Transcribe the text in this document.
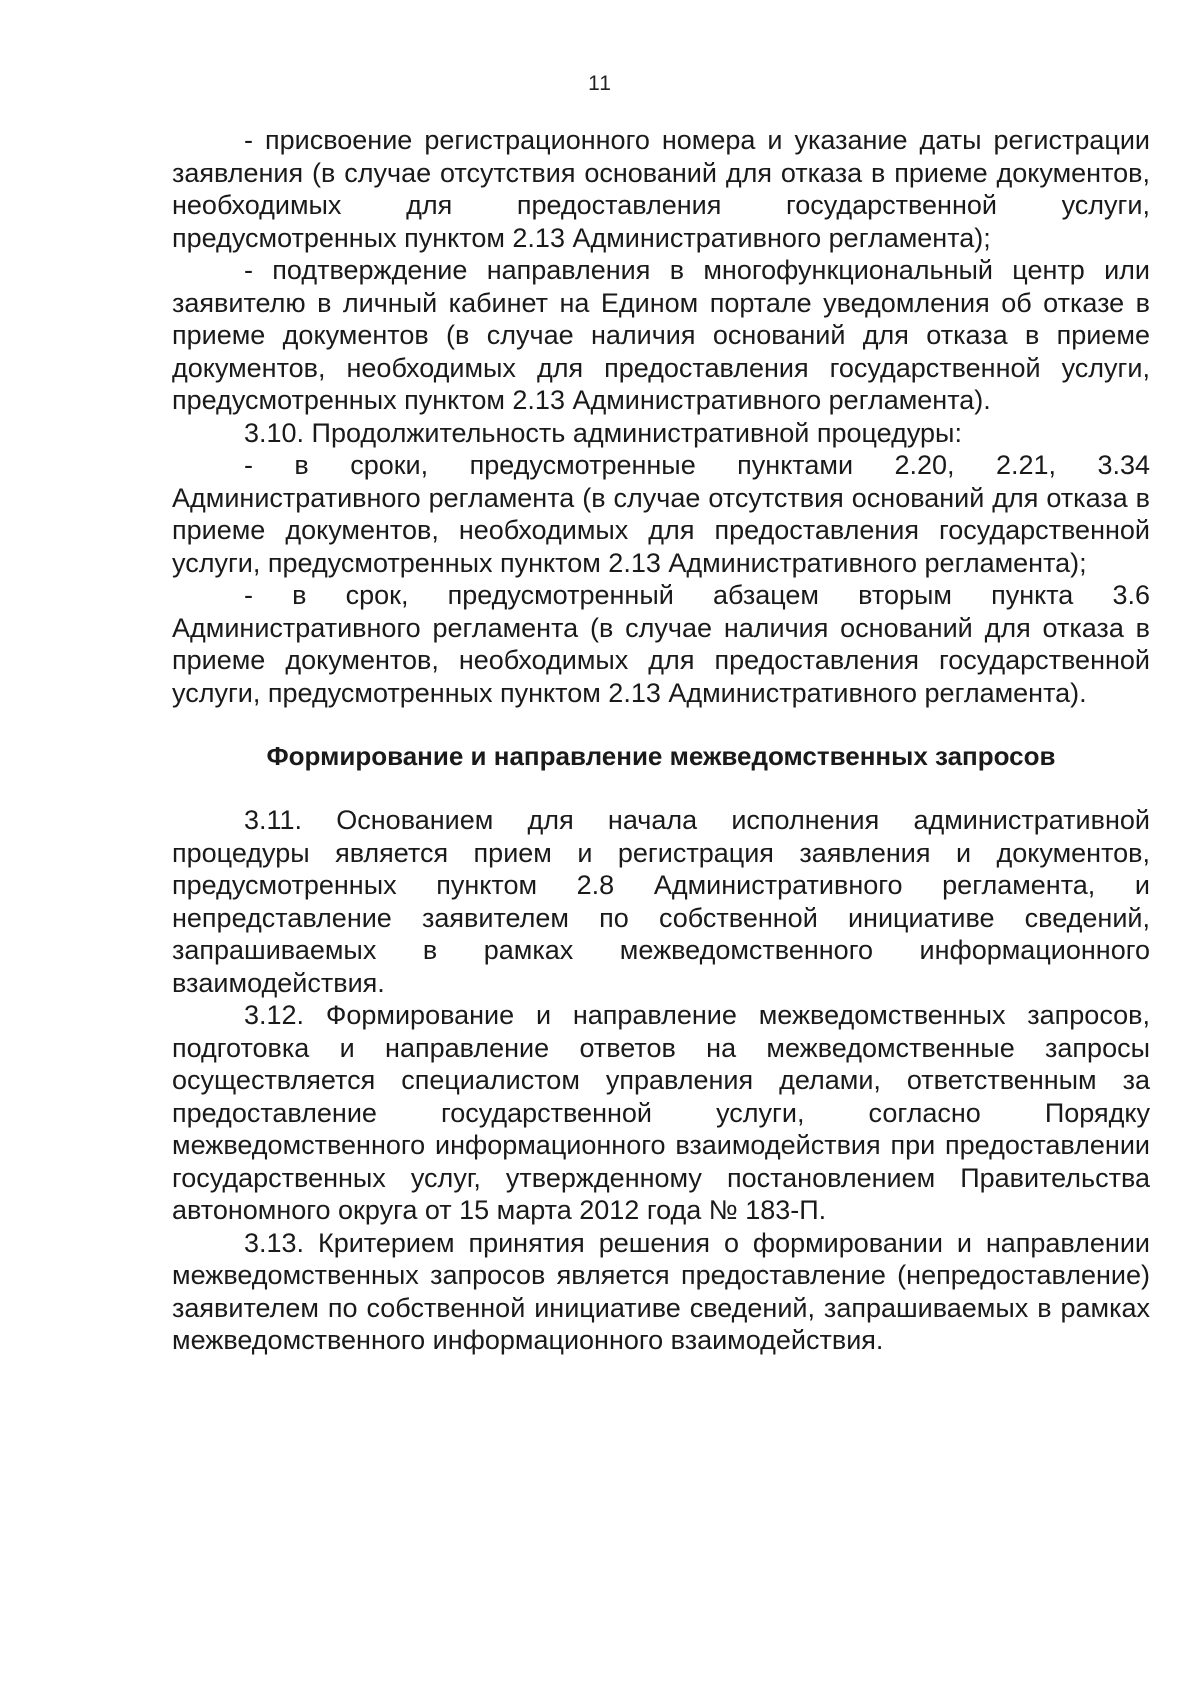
11

- присвоение регистрационного номера и указание даты регистрации заявления (в случае отсутствия оснований для отказа в приеме документов, необходимых для предоставления государственной услуги, предусмотренных пунктом 2.13 Административного регламента);

- подтверждение направления в многофункциональный центр или заявителю в личный кабинет на Едином портале уведомления об отказе в приеме документов (в случае наличия оснований для отказа в приеме документов, необходимых для предоставления государственной услуги, предусмотренных пунктом 2.13 Административного регламента).

3.10. Продолжительность административной процедуры:

- в сроки, предусмотренные пунктами 2.20, 2.21, 3.34 Административного регламента (в случае отсутствия оснований для отказа в приеме документов, необходимых для предоставления государственной услуги, предусмотренных пунктом 2.13 Административного регламента);

- в срок, предусмотренный абзацем вторым пункта 3.6 Административного регламента (в случае наличия оснований для отказа в приеме документов, необходимых для предоставления государственной услуги, предусмотренных пунктом 2.13 Административного регламента).

Формирование и направление межведомственных запросов

3.11. Основанием для начала исполнения административной процедуры является прием и регистрация заявления и документов, предусмотренных пунктом 2.8 Административного регламента, и непредставление заявителем по собственной инициативе сведений, запрашиваемых в рамках межведомственного информационного взаимодействия.

3.12. Формирование и направление межведомственных запросов, подготовка и направление ответов на межведомственные запросы осуществляется специалистом управления делами, ответственным за предоставление государственной услуги, согласно Порядку межведомственного информационного взаимодействия при предоставлении государственных услуг, утвержденному постановлением Правительства автономного округа от 15 марта 2012 года № 183-П.

3.13. Критерием принятия решения о формировании и направлении межведомственных запросов является предоставление (непредоставление) заявителем по собственной инициативе сведений, запрашиваемых в рамках межведомственного информационного взаимодействия.
